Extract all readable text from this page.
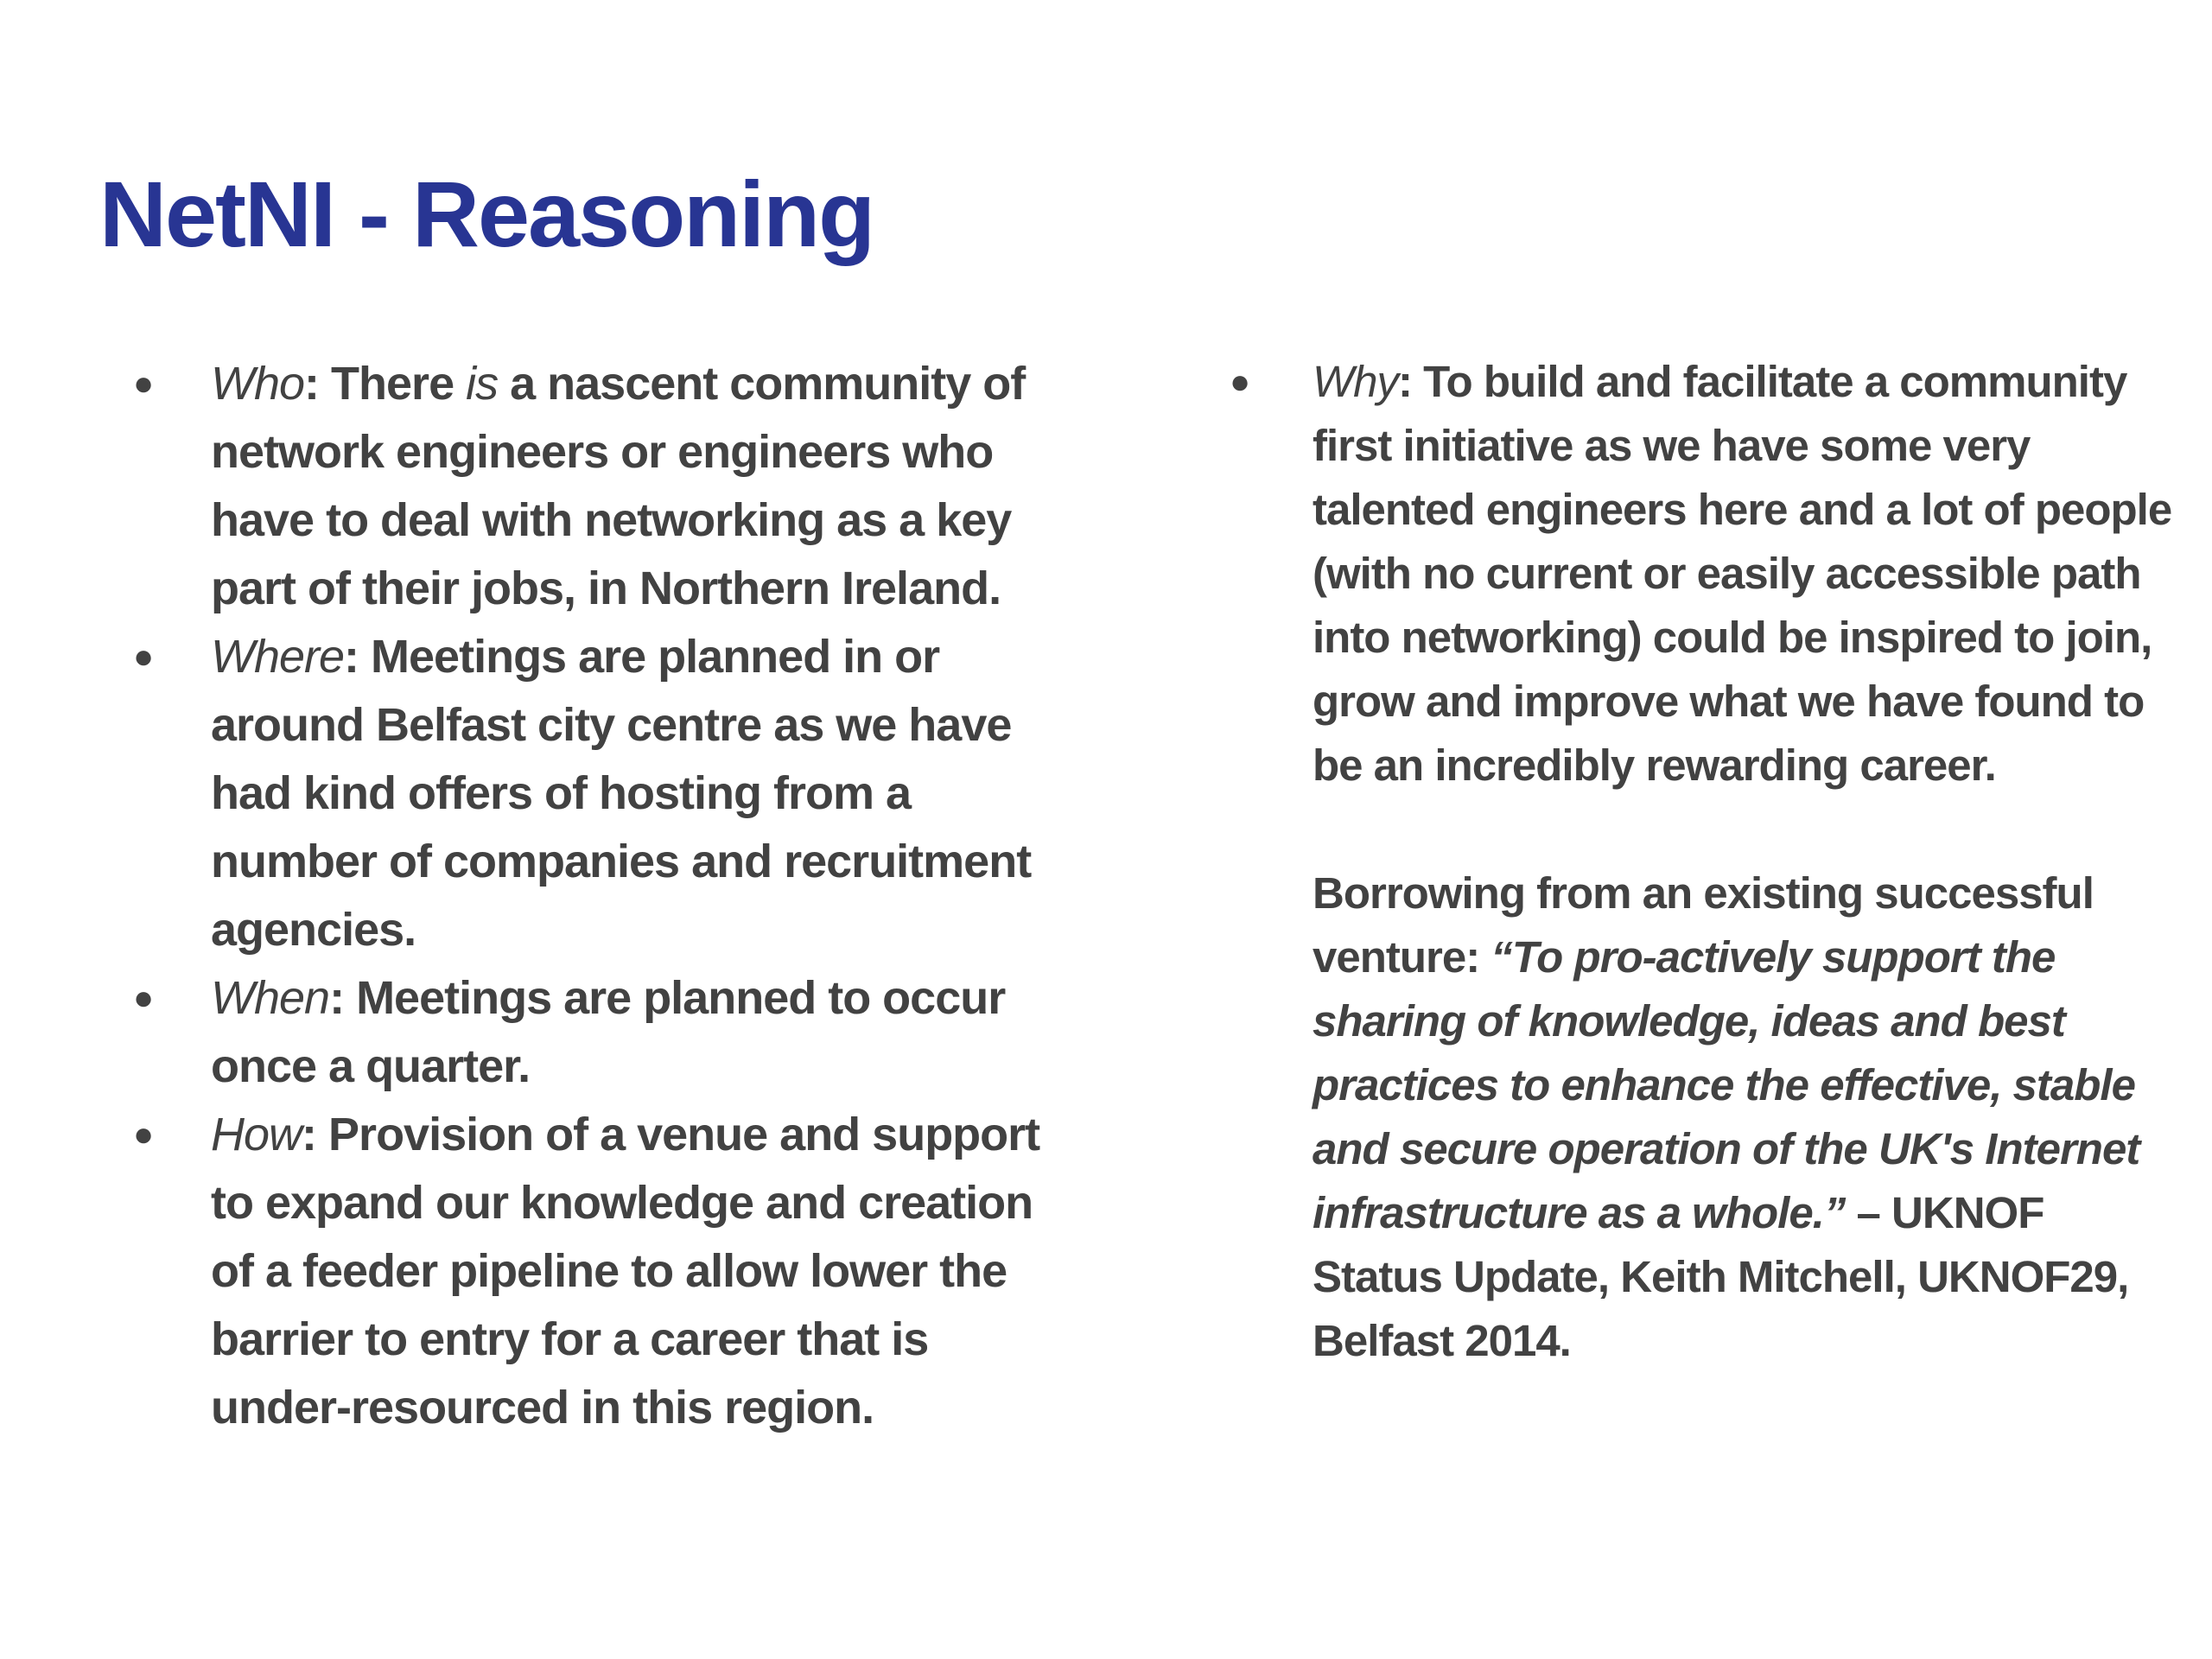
NetNI - Reasoning
● Who: There is a nascent community of network engineers or engineers who have to deal with networking as a key part of their jobs, in Northern Ireland.
● Where: Meetings are planned in or around Belfast city centre as we have had kind offers of hosting from a number of companies and recruitment agencies.
● When: Meetings are planned to occur once a quarter.
● How: Provision of a venue and support to expand our knowledge and creation of a feeder pipeline to allow lower the barrier to entry for a career that is under-resourced in this region.
● Why: To build and facilitate a community first initiative as we have some very talented engineers here and a lot of people (with no current or easily accessible path into networking) could be inspired to join, grow and improve what we have found to be an incredibly rewarding career.

Borrowing from an existing successful venture: “To pro-actively support the sharing of knowledge, ideas and best practices to enhance the effective, stable and secure operation of the UK's Internet infrastructure as a whole.” – UKNOF Status Update, Keith Mitchell, UKNOF29, Belfast 2014.
